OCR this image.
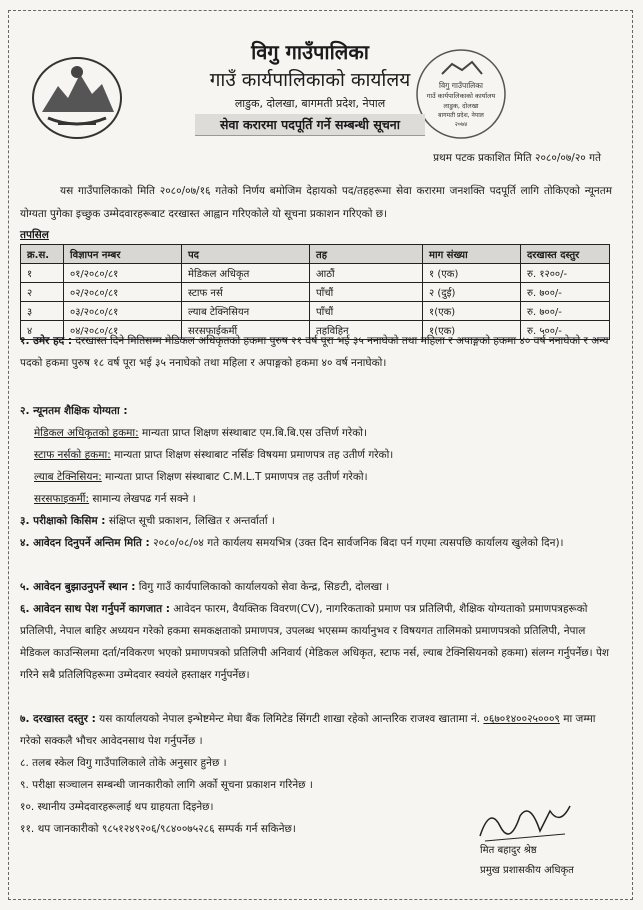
विगु गाउँपालिका
गाउँ कार्यपालिकाको कार्यालय
लाडुक, दोलखा
बागमती प्रदेश, नेपाल
२०७४
विगु गाउँपालिका
गाउँ कार्यपालिकाको कार्यालय
लाडुक, दोलखा, बागमती प्रदेश, नेपाल
सेवा करारमा पदपूर्ति गर्ने सम्बन्धी सूचना
प्रथम पटक प्रकाशित मिति २०८०/०७/२० गते
यस गाउँपालिकाको मिति २०८०/०७/१६ गतेको निर्णय बमोजिम देहायको पद/तहहरूमा सेवा करारमा जनशक्ति पदपूर्ति लागि तोकिएको न्यूनतम योग्यता पुगेका इच्छुक उम्मेदवारहरूबाट दरखास्त आह्वान गरिएकोले यो सूचना प्रकाशन गरिएको छ।
तपसिल
क्र.स.	विज्ञापन नम्बर	पद	तह	माग संख्या	दरखास्त दस्तुर
१	०१/२०८०/८१	मेडिकल अधिकृत	आठौं	१ (एक)	रु. १२००/-
२	०२/२०८०/८१	स्टाफ नर्स	पाँचौं	२ (दुई)	रु. ७००/-
३	०३/२०८०/८१	ल्याब टेक्निसियन	पाँचौं	१(एक)	रु. ७००/-
४	०४/२०८०/८१	सरसफाईकर्मी	तहविहिन	१(एक)	रु. ५००/-
१. उमेर हद : दरखास्त दिने मितिसम्म मेडिकल अधिकृतको हकमा पुरुष २१ वर्ष पूरा भई ३५ ननाघेको तथा महिला र अपाङ्गको हकमा ४० वर्ष ननाघेको र अन्य पदको हकमा पुरुष १८ वर्ष पूरा भई ३५ ननाघेको तथा महिला र अपाङ्गको हकमा ४० वर्ष ननाघेको।
२. न्यूनतम शैक्षिक योग्यता :
मेडिकल अधिकृतको हकमा: मान्यता प्राप्त शिक्षण संस्थाबाट एम.बि.बि.एस उत्तिर्ण गरेको।
स्टाफ नर्सको हकमा: मान्यता प्राप्त शिक्षण संस्थाबाट नर्सिङ विषयमा प्रमाणपत्र तह उतीर्ण गरेको।
ल्याब टेक्निसियन: मान्यता प्राप्त शिक्षण संस्थाबाट C.M.L.T प्रमाणपत्र तह उतीर्ण गरेको।
सरसफाइकर्मी: सामान्य लेखपढ गर्न सक्ने ।
३. परीक्षाको किसिम : संक्षिप्त सूची प्रकाशन, लिखित र अन्तर्वार्ता ।
४. आवेदन दिनुपर्ने अन्तिम मिति : २०८०/०८/०४ गते कार्यलय समयभित्र (उक्त दिन सार्वजनिक बिदा पर्न गएमा त्यसपछि कार्यालय खुलेको दिन)।
५. आवेदन बुझाउनुपर्ने स्थान : विगु गाउँ कार्यपालिकाको कार्यालयको सेवा केन्द्र, सिङटी, दोलखा ।
६. आवेदन साथ पेश गर्नुपर्ने कागजात : आवेदन फारम, वैयक्तिक विवरण(CV), नागरिकताको प्रमाण पत्र प्रतिलिपी, शैक्षिक योग्यताको प्रमाणपत्रहरूको प्रतिलिपी, नेपाल बाहिर अध्ययन गरेको हकमा समकक्षताको प्रमाणपत्र, उपलब्ध भएसम्म कार्यानुभव र विषयगत तालिमको प्रमाणपत्रको प्रतिलिपी, नेपाल मेडिकल काउन्सिलमा दर्ता/नविकरण भएको प्रमाणपत्रको प्रतिलिपी अनिवार्य (मेडिकल अधिकृत, स्टाफ नर्स, ल्याब टेक्निसियनको हकमा) संलग्न गर्नुपर्नेछ। पेश गरिने सबै प्रतिलिपिहरूमा उम्मेदवार स्वयंले हस्ताक्षर गर्नुपर्नेछ।
७. दरखास्त दस्तुर : यस कार्यालयको नेपाल इन्भेष्टमेन्ट मेघा बैंक लिमिटेड सिंगटी शाखा रहेको आन्तरिक राजश्व खातामा नं. ०६७०१४००२५०००९ मा जम्मा गरेको सक्कलै भौचर आवेदनसाथ पेश गर्नुपर्नेछ ।
८. तलब स्केल विगु गाउँपालिकाले तोके अनुसार हुनेछ ।
९. परीक्षा सञ्चालन सम्बन्धी जानकारीको लागि अर्को सूचना प्रकाशन गरिनेछ ।
१०. स्थानीय उम्मेदवारहरूलाई थप ग्राहयता दिइनेछ।
११. थप जानकारीको ९८५१२४९२०६/९८४००७५२८६ सम्पर्क गर्न सकिनेछ।
मित बहादुर श्रेष्ठ
प्रमुख प्रशासकीय अधिकृत
